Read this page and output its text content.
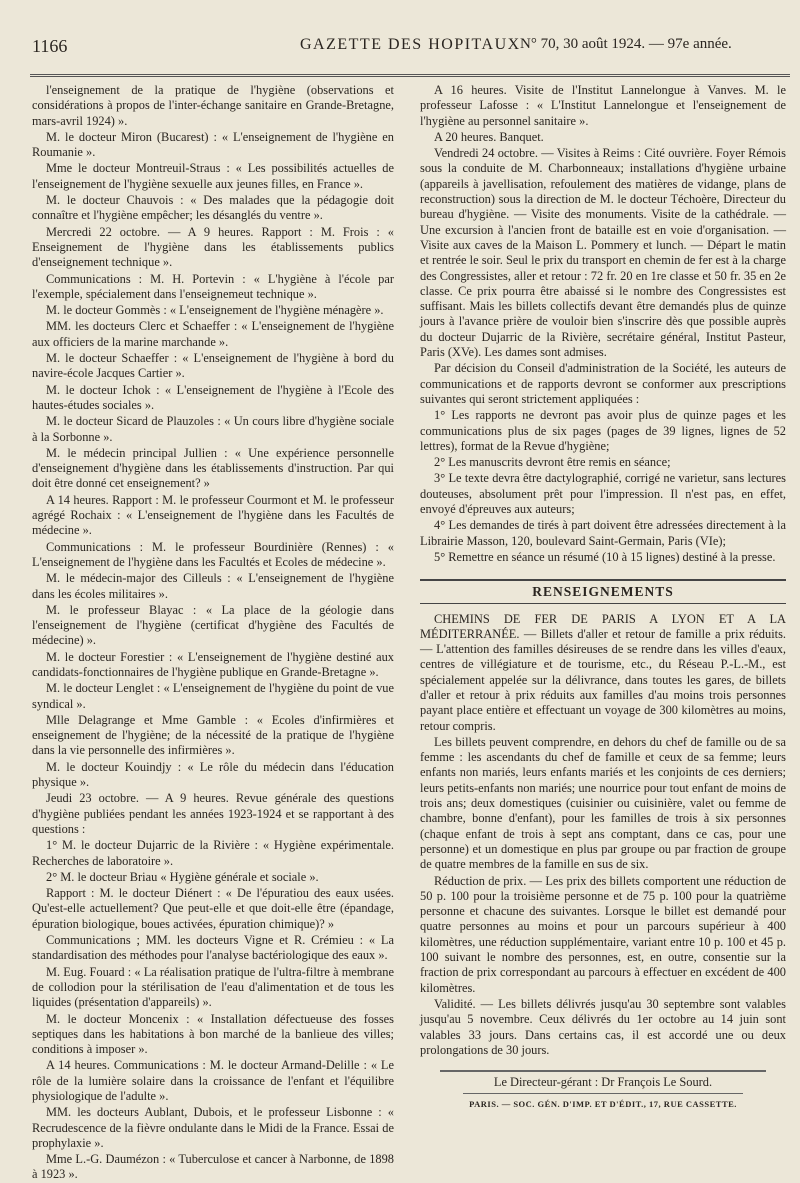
1166	GAZETTE DES HOPITAUX N° 70, 30 août 1924. — 97e année.

l'enseignement de la pratique de l'hygiène (observations et considérations à propos de l'inter-échange sanitaire en Grande-Bretagne, mars-avril 1924) ».

M. le docteur Miron (Bucarest) : « L'enseignement de l'hygiène en Roumanie ».

Mme le docteur Montreuil-Straus : « Les possibilités actuelles de l'enseignement de l'hygiène sexuelle aux jeunes filles, en France ».

M. le docteur Chauvois : « Des malades que la pédagogie doit connaître et l'hygiène empêcher; les désanglés du ventre ».

Mercredi 22 octobre. — A 9 heures. Rapport : M. Frois : « Enseignement de l'hygiène dans les établissements publics d'enseignement technique ».

Communications : M. H. Portevin : « L'hygiène à l'école par l'exemple, spécialement dans l'enseignemeut technique ».

M. le docteur Gommès : « L'enseignement de l'hygiène ménagère ».

MM. les docteurs Clerc et Schaeffer : « L'enseignement de l'hygiène aux officiers de la marine marchande ».

M. le docteur Schaeffer : « L'enseignement de l'hygiène à bord du navire-école Jacques Cartier ».

M. le docteur Ichok : « L'enseignement de l'hygiène à l'Ecole des hautes-études sociales ».

M. le docteur Sicard de Plauzoles : « Un cours libre d'hygiène sociale à la Sorbonne ».

M. le médecin principal Jullien : « Une expérience personnelle d'enseignement d'hygiène dans les établissements d'instruction. Par qui doit être donné cet enseignement? »

A 14 heures. Rapport : M. le professeur Courmont et M. le professeur agrégé Rochaix : « L'enseignement de l'hygiène dans les Facultés de médecine ».

Communications : M. le professeur Bourdinière (Rennes) : « L'enseignement de l'hygiène dans les Facultés et Ecoles de médecine ».

M. le médecin-major des Cilleuls : « L'enseignement de l'hygiène dans les écoles militaires ».

M. le professeur Blayac : « La place de la géologie dans l'enseignement de l'hygiène (certificat d'hygiène des Facultés de médecine) ».

M. le docteur Forestier : « L'enseignement de l'hygiène destiné aux candidats-fonctionnaires de l'hygiène publique en Grande-Bretagne ».

M. le docteur Lenglet : « L'enseignement de l'hygiène du point de vue syndical ».

Mlle Delagrange et Mme Gamble : « Ecoles d'infirmières et enseignement de l'hygiène; de la nécessité de la pratique de l'hygiène dans la vie personnelle des infirmières ».

M. le docteur Kouindjy : « Le rôle du médecin dans l'éducation physique ».

Jeudi 23 octobre. — A 9 heures. Revue générale des questions d'hygiène publiées pendant les années 1923-1924 et se rapportant à des questions :

1° M. le docteur Dujarric de la Rivière : « Hygiène expérimentale. Recherches de laboratoire ».

2° M. le docteur Briau « Hygiène générale et sociale ».

Rapport : M. le docteur Diénert : « De l'épuratiou des eaux usées. Qu'est-elle actuellement? Que peut-elle et que doit-elle être (épandage, épuration biologique, boues activées, épuration chimique)? »

Communications ; MM. les docteurs Vigne et R. Crémieu : « La standardisation des méthodes pour l'analyse bactériologique des eaux ».

M. Eug. Fouard : « La réalisation pratique de l'ultra-filtre à membrane de collodion pour la stérilisation de l'eau d'alimentation et de tous les liquides (présentation d'appareils) ».

M. le docteur Moncenix : « Installation défectueuse des fosses septiques dans les habitations à bon marché de la banlieue des villes; conditions à imposer ».

A 14 heures. Communications : M. le docteur Armand-Delille : « Le rôle de la lumière solaire dans la croissance de l'enfant et l'équilibre physiologique de l'adulte ».

MM. les docteurs Aublant, Dubois, et le professeur Lisbonne : « Recrudescence de la fièvre ondulante dans le Midi de la France. Essai de prophylaxie ».

Mme L.-G. Daumézon : « Tuberculose et cancer à Narbonne, de 1898 à 1923 ».

A 16 heures. Visite de l'Institut Lannelongue à Vanves. M. le professeur Lafosse : « L'Institut Lannelongue et l'enseignement de l'hygiène au personnel sanitaire ».

A 20 heures. Banquet.

Vendredi 24 octobre. — Visites à Reims : Cité ouvrière. Foyer Rémois sous la conduite de M. Charbonneaux; installations d'hygiène urbaine (appareils à javellisation, refoulement des matières de vidange, plans de reconstruction) sous la direction de M. le docteur Téchoère, Directeur du bureau d'hygiène. — Visite des monuments. Visite de la cathédrale. — Une excursion à l'ancien front de bataille est en voie d'organisation. — Visite aux caves de la Maison L. Pommery et lunch. — Départ le matin et rentrée le soir. Seul le prix du transport en chemin de fer est à la charge des Congressistes, aller et retour : 72 fr. 20 en 1re classe et 50 fr. 35 en 2e classe. Ce prix pourra être abaissé si le nombre des Congressistes est suffisant. Mais les billets collectifs devant être demandés plus de quinze jours à l'avance prière de vouloir bien s'inscrire dès que possible auprès du docteur Dujarric de la Rivière, secrétaire général, Institut Pasteur, Paris (XVe). Les dames sont admises.

Par décision du Conseil d'administration de la Société, les auteurs de communications et de rapports devront se conformer aux prescriptions suivantes qui seront strictement appliquées :

1° Les rapports ne devront pas avoir plus de quinze pages et les communications plus de six pages (pages de 39 lignes, lignes de 52 lettres), format de la Revue d'hygiène;

2° Les manuscrits devront être remis en séance;

3° Le texte devra être dactylographié, corrigé ne varietur, sans lectures douteuses, absolument prêt pour l'impression. Il n'est pas, en effet, envoyé d'épreuves aux auteurs;

4° Les demandes de tirés à part doivent être adressées directement à la Librairie Masson, 120, boulevard Saint-Germain, Paris (VIe);

5° Remettre en séance un résumé (10 à 15 lignes) destiné à la presse.

RENSEIGNEMENTS

CHEMINS DE FER DE PARIS A LYON ET A LA MÉDITERRANÉE. — Billets d'aller et retour de famille a prix réduits. — L'attention des familles désireuses de se rendre dans les villes d'eaux, centres de villégiature et de tourisme, etc., du Réseau P.-L.-M., est spécialement appelée sur la délivrance, dans toutes les gares, de billets d'aller et retour à prix réduits aux familles d'au moins trois personnes payant place entière et effectuant un voyage de 300 kilomètres au moins, retour compris.

Les billets peuvent comprendre, en dehors du chef de famille ou de sa femme : les ascendants du chef de famille et ceux de sa femme; leurs enfants non mariés, leurs enfants mariés et les conjoints de ces derniers; leurs petits-enfants non mariés; une nourrice pour tout enfant de moins de trois ans; deux domestiques (cuisinier ou cuisinière, valet ou femme de chambre, bonne d'enfant), pour les familles de trois à six personnes (chaque enfant de trois à sept ans comptant, dans ce cas, pour une personne) et un domestique en plus par groupe ou par fraction de groupe de quatre membres de la famille en sus de six.

Réduction de prix. — Les prix des billets comportent une réduction de 50 p. 100 pour la troisième personne et de 75 p. 100 pour la quatrième personne et chacune des suivantes. Lorsque le billet est demandé pour quatre personnes au moins et pour un parcours supérieur à 400 kilomètres, une réduction supplémentaire, variant entre 10 p. 100 et 45 p. 100 suivant le nombre des personnes, est, en outre, consentie sur la fraction de prix correspondant au parcours à effectuer en excédent de 400 kilomètres.

Validité. — Les billets délivrés jusqu'au 30 septembre sont valables jusqu'au 5 novembre. Ceux délivrés du 1er octobre au 14 juin sont valables 33 jours. Dans certains cas, il est accordé une ou deux prolongations de 30 jours.

Le Directeur-gérant : Dr François Le Sourd.
PARIS. — SOC. GÉN. D'IMP. ET D'ÉDIT., 17, RUE CASSETTE.
